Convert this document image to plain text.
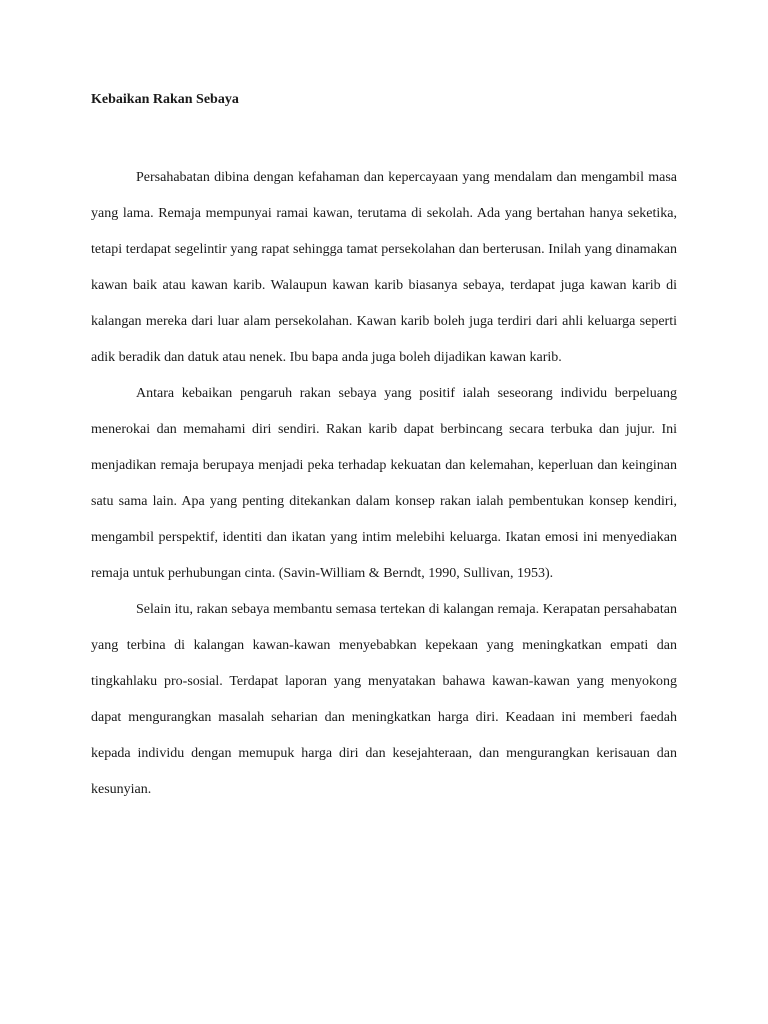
Kebaikan Rakan Sebaya

Persahabatan dibina dengan kefahaman dan kepercayaan yang mendalam dan mengambil masa yang lama. Remaja mempunyai ramai kawan, terutama di sekolah. Ada yang bertahan hanya seketika, tetapi terdapat segelintir yang rapat sehingga tamat persekolahan dan berterusan. Inilah yang dinamakan kawan baik atau kawan karib. Walaupun kawan karib biasanya sebaya, terdapat juga kawan karib di kalangan mereka dari luar alam persekolahan. Kawan karib boleh juga terdiri dari ahli keluarga seperti adik beradik dan datuk atau nenek. Ibu bapa anda juga boleh dijadikan kawan karib.

Antara kebaikan pengaruh rakan sebaya yang positif ialah seseorang individu berpeluang menerokai dan memahami diri sendiri. Rakan karib dapat berbincang secara terbuka dan jujur. Ini menjadikan remaja berupaya menjadi peka terhadap kekuatan dan kelemahan, keperluan dan keinginan satu sama lain. Apa yang penting ditekankan dalam konsep rakan ialah pembentukan konsep kendiri, mengambil perspektif, identiti dan ikatan yang intim melebihi keluarga. Ikatan emosi ini menyediakan remaja untuk perhubungan cinta. (Savin-William & Berndt, 1990, Sullivan, 1953).

Selain itu, rakan sebaya membantu semasa tertekan di kalangan remaja. Kerapatan persahabatan yang terbina di kalangan kawan-kawan menyebabkan kepekaan yang meningkatkan empati dan tingkahlaku pro-sosial. Terdapat laporan yang menyatakan bahawa kawan-kawan yang menyokong dapat mengurangkan masalah seharian dan meningkatkan harga diri. Keadaan ini memberi faedah kepada individu dengan memupuk harga diri dan kesejahteraan, dan mengurangkan kerisauan dan kesunyian.
